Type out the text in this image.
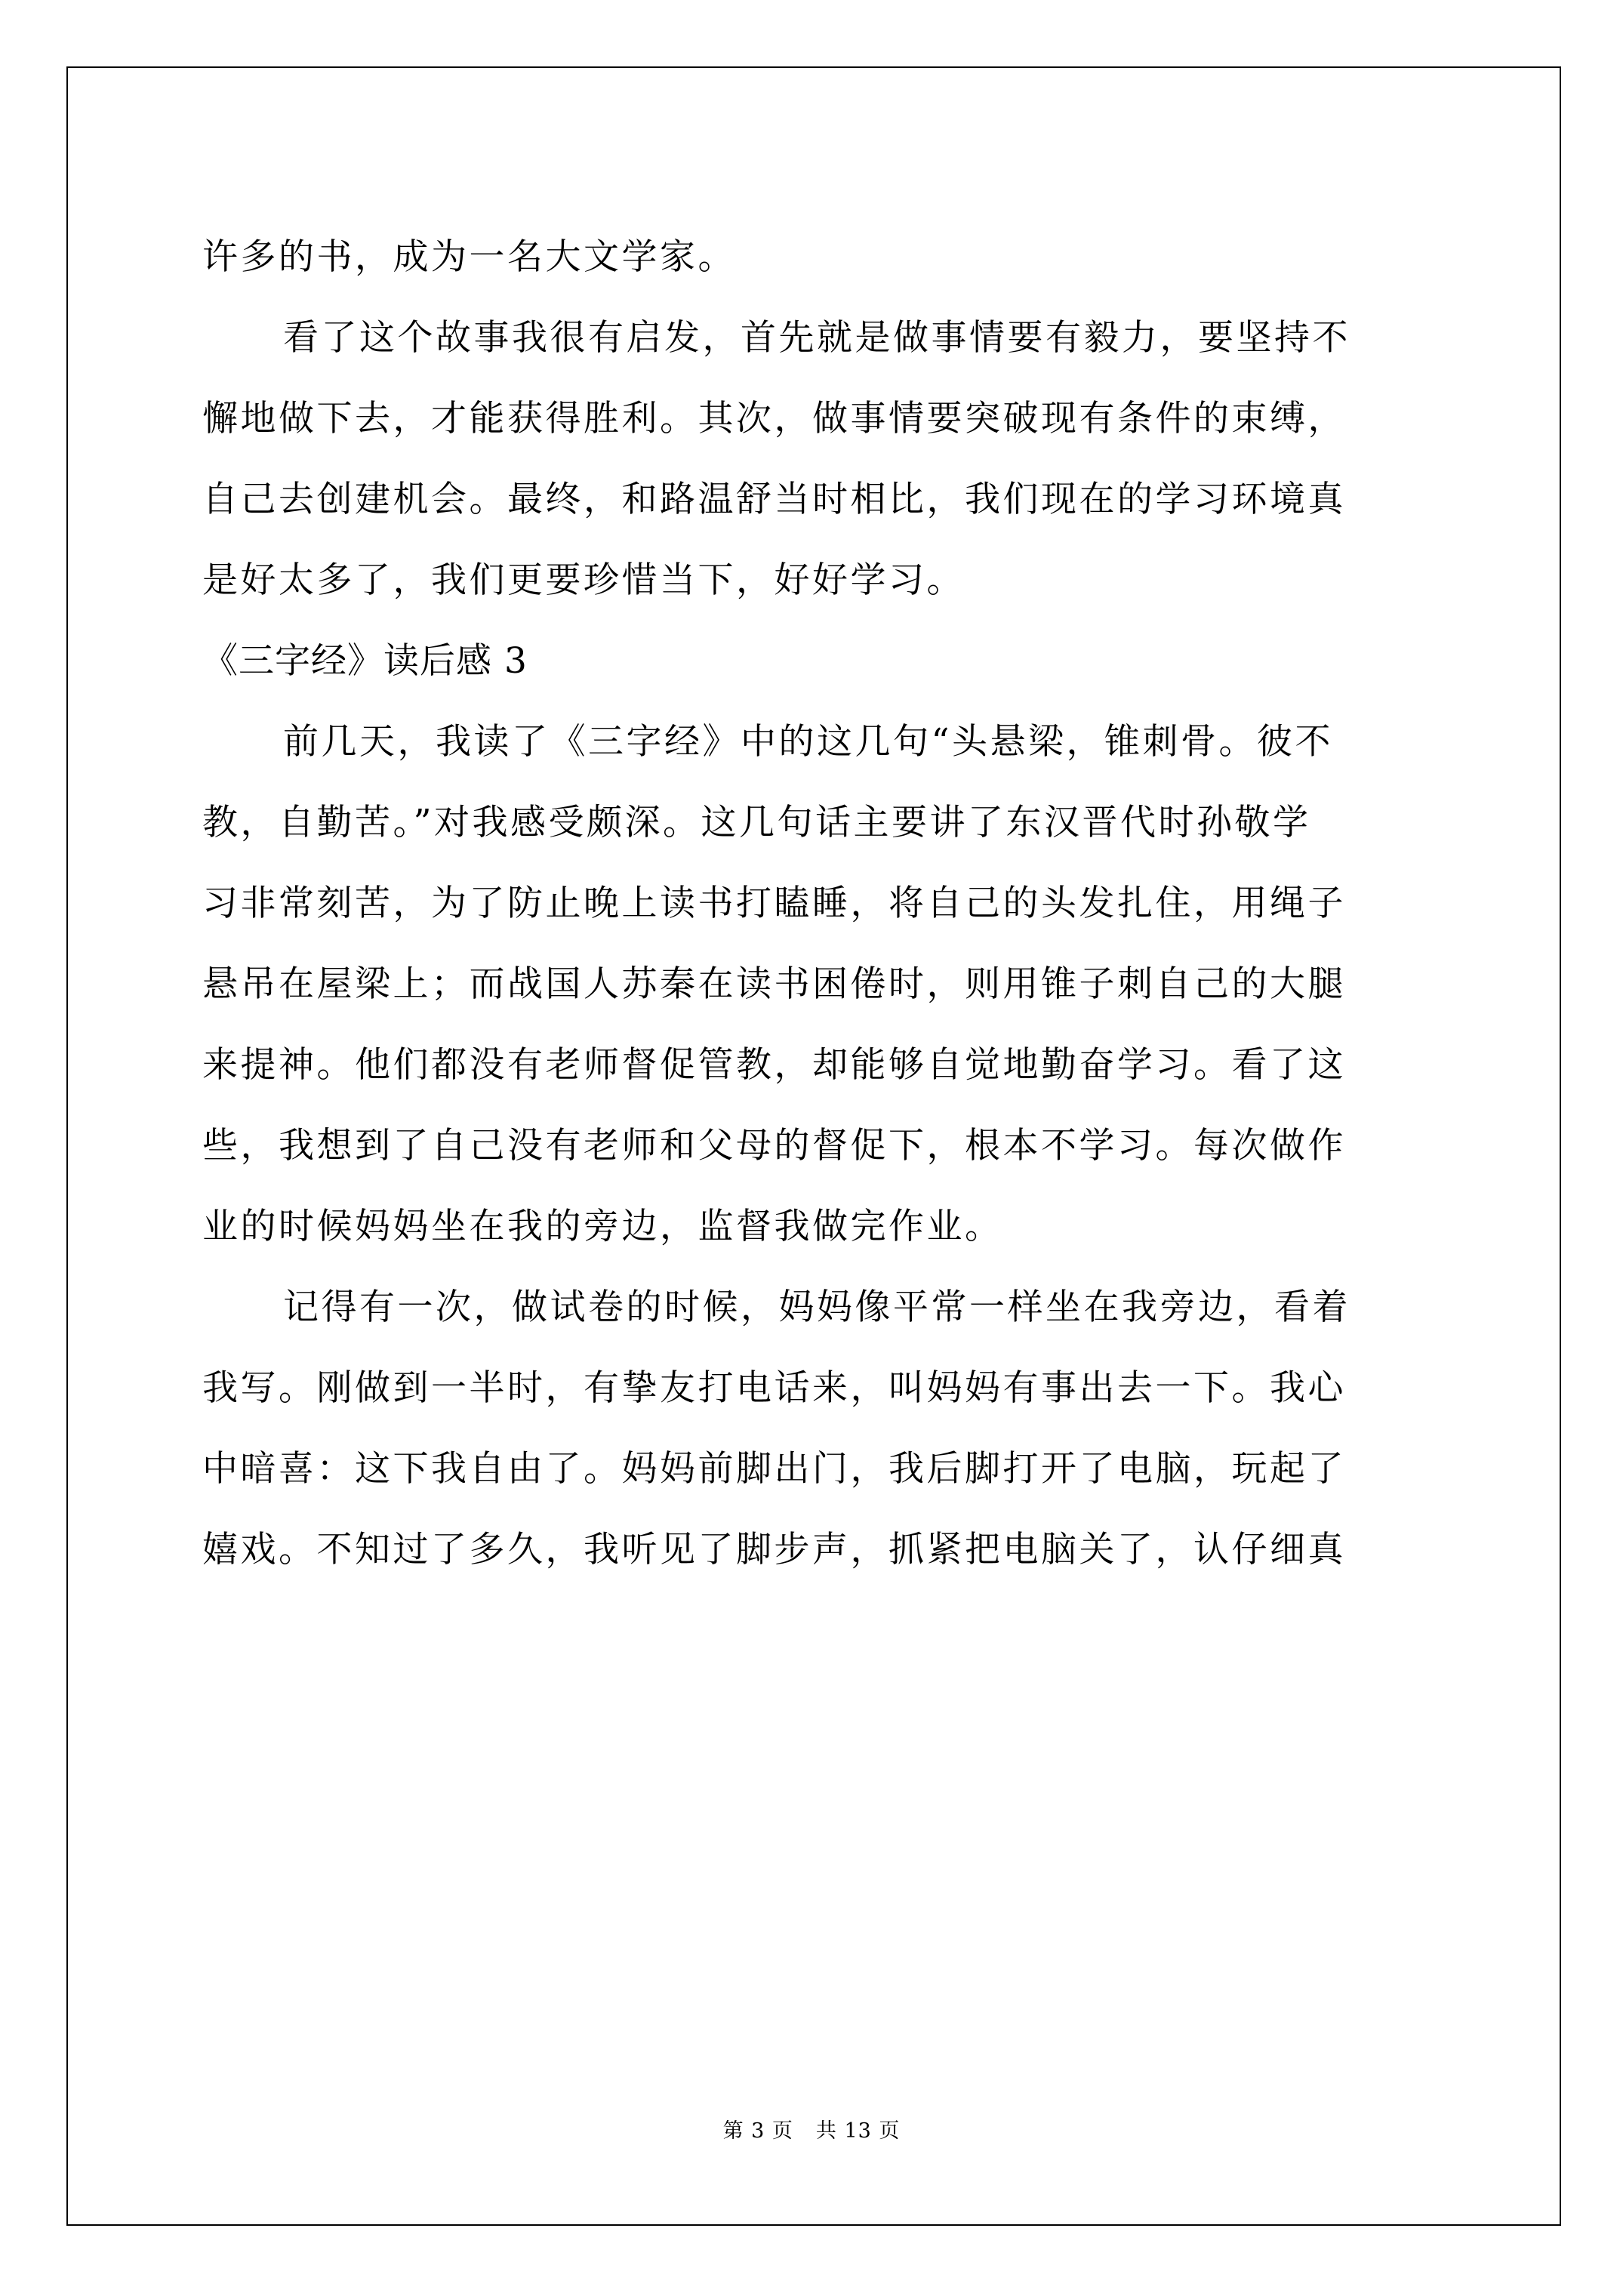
许多的书，成为一名大文学家。
看了这个故事我很有启发，首先就是做事情要有毅力，要坚持不
懈地做下去，才能获得胜利。其次，做事情要突破现有条件的束缚，
自己去创建机会。最终，和路温舒当时相比，我们现在的学习环境真
是好太多了，我们更要珍惜当下，好好学习。
《三字经》读后感 3
前几天，我读了《三字经》中的这几句“头悬梁，锥刺骨。彼不
教，自勤苦。”对我感受颇深。这几句话主要讲了东汉晋代时孙敬学
习非常刻苦，为了防止晚上读书打瞌睡，将自己的头发扎住，用绳子
悬吊在屋梁上；而战国人苏秦在读书困倦时，则用锥子刺自己的大腿
来提神。他们都没有老师督促管教，却能够自觉地勤奋学习。看了这
些，我想到了自己没有老师和父母的督促下，根本不学习。每次做作
业的时候妈妈坐在我的旁边，监督我做完作业。
记得有一次，做试卷的时候，妈妈像平常一样坐在我旁边，看着
我写。刚做到一半时，有挚友打电话来，叫妈妈有事出去一下。我心
中暗喜：这下我自由了。妈妈前脚出门，我后脚打开了电脑，玩起了
嬉戏。不知过了多久，我听见了脚步声，抓紧把电脑关了，认仔细真
第 3 页 共 13 页
